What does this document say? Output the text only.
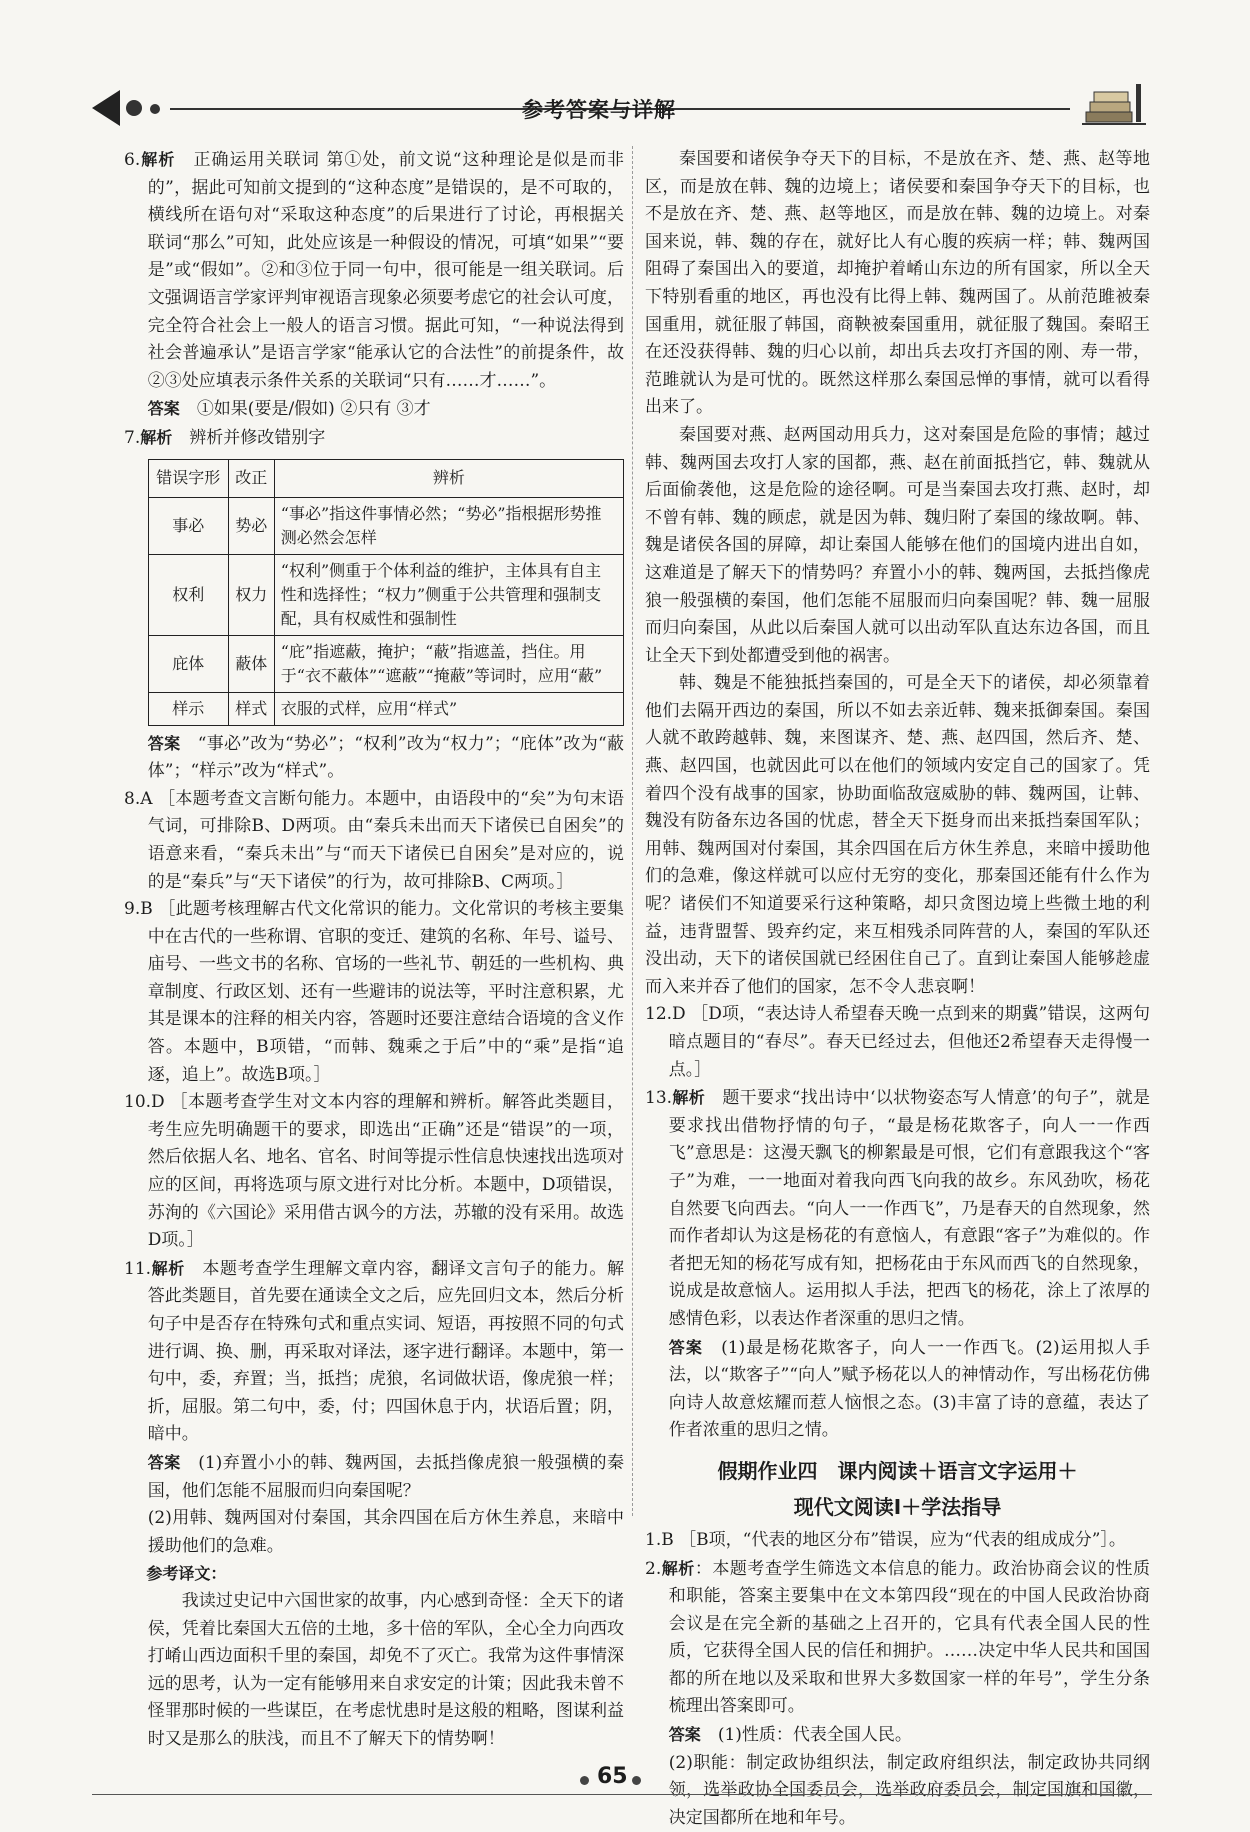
参考答案与详解

6.解析　 正确运用关联词 第①处，前文说“这种理论是似是而非的”，据此可知前文提到的“这种态度”是错误的，是不可取的，横线所在语句对“采取这种态度”的后果进行了讨论，再根据关联词“那么”可知，此处应该是一种假设的情况，可填“如果”“要是”或“假如”。②和③位于同一句中，很可能是一组关联词。后文强调语言学家评判审视语言现象必须要考虑它的社会认可度，完全符合社会上一般人的语言习惯。据此可知，“一种说法得到社会普遍承认”是语言学家“能承认它的合法性”的前提条件，故②③处应填表示条件关系的关联词“只有……才……”。

答案　 ①如果(要是/假如) ②只有 ③才

7.解析　 辨析并修改错别字

错误字形	改正	辨析
事必	势必	“事必”指这件事情必然；“势必”指根据形势推测必然会怎样
权利	权力	“权利”侧重于个体利益的维护，主体具有自主性和选择性；“权力”侧重于公共管理和强制支配，具有权威性和强制性
庇体	蔽体	“庇”指遮蔽，掩护；“蔽”指遮盖，挡住。用于“衣不蔽体”“遮蔽”“掩蔽”等词时，应用“蔽”
样示	样式	衣服的式样，应用“样式”

答案　 “事必”改为“势必”；“权利”改为“权力”；“庇体”改为“蔽体”；“样示”改为“样式”。

8.A ［本题考查文言断句能力。本题中，由语段中的“矣”为句末语气词，可排除B、D两项。由“秦兵未出而天下诸侯已自困矣”的语意来看，“秦兵未出”与“而天下诸侯已自困矣”是对应的，说的是“秦兵”与“天下诸侯”的行为，故可排除B、C两项。］

9.B ［此题考核理解古代文化常识的能力。文化常识的考核主要集中在古代的一些称谓、官职的变迁、建筑的名称、年号、谥号、庙号、一些文书的名称、官场的一些礼节、朝廷的一些机构、典章制度、行政区划、还有一些避讳的说法等，平时注意积累，尤其是课本的注释的相关内容，答题时还要注意结合语境的含义作答。本题中，B项错，“而韩、魏乘之于后”中的“乘”是指“追逐，追上”。故选B项。］

10.D ［本题考查学生对文本内容的理解和辨析。解答此类题目，考生应先明确题干的要求，即选出“正确”还是“错误”的一项，然后依据人名、地名、官名、时间等提示性信息快速找出选项对应的区间，再将选项与原文进行对比分析。本题中，D项错误，苏洵的《六国论》采用借古讽今的方法，苏辙的没有采用。故选D项。］

11.解析　 本题考查学生理解文章内容，翻译文言句子的能力。解答此类题目，首先要在通读全文之后，应先回归文本，然后分析句子中是否存在特殊句式和重点实词、短语，再按照不同的句式进行调、换、删，再采取对译法，逐字进行翻译。本题中，第一句中，委，弃置；当，抵挡；虎狼，名词做状语，像虎狼一样；折，屈服。第二句中，委，付；四国休息于内，状语后置；阴，暗中。

答案　 (1)弃置小小的韩、魏两国，去抵挡像虎狼一般强横的秦国，他们怎能不屈服而归向秦国呢？

(2)用韩、魏两国对付秦国，其余四国在后方休生养息，来暗中援助他们的急难。

参考译文：

我读过史记中六国世家的故事，内心感到奇怪：全天下的诸侯，凭着比秦国大五倍的土地，多十倍的军队，全心全力向西攻打崤山西边面积千里的秦国，却免不了灭亡。我常为这件事情深远的思考，认为一定有能够用来自求安定的计策；因此我未曾不怪罪那时候的一些谋臣，在考虑忧患时是这般的粗略，图谋利益时又是那么的肤浅，而且不了解天下的情势啊！

秦国要和诸侯争夺天下的目标，不是放在齐、楚、燕、赵等地区，而是放在韩、魏的边境上；诸侯要和秦国争夺天下的目标，也不是放在齐、楚、燕、赵等地区，而是放在韩、魏的边境上。对秦国来说，韩、魏的存在，就好比人有心腹的疾病一样；韩、魏两国阻碍了秦国出入的要道，却掩护着崤山东边的所有国家，所以全天下特别看重的地区，再也没有比得上韩、魏两国了。从前范雎被秦国重用，就征服了韩国，商鞅被秦国重用，就征服了魏国。秦昭王在还没获得韩、魏的归心以前，却出兵去攻打齐国的刚、寿一带，范雎就认为是可忧的。既然这样那么秦国忌惮的事情，就可以看得出来了。

秦国要对燕、赵两国动用兵力，这对秦国是危险的事情；越过韩、魏两国去攻打人家的国都，燕、赵在前面抵挡它，韩、魏就从后面偷袭他，这是危险的途径啊。可是当秦国去攻打燕、赵时，却不曾有韩、魏的顾虑，就是因为韩、魏归附了秦国的缘故啊。韩、魏是诸侯各国的屏障，却让秦国人能够在他们的国境内进出自如，这难道是了解天下的情势吗？弃置小小的韩、魏两国，去抵挡像虎狼一般强横的秦国，他们怎能不屈服而归向秦国呢？韩、魏一屈服而归向秦国，从此以后秦国人就可以出动军队直达东边各国，而且让全天下到处都遭受到他的祸害。

韩、魏是不能独抵挡秦国的，可是全天下的诸侯，却必须靠着他们去隔开西边的秦国，所以不如去亲近韩、魏来抵御秦国。秦国人就不敢跨越韩、魏，来图谋齐、楚、燕、赵四国，然后齐、楚、燕、赵四国，也就因此可以在他们的领域内安定自己的国家了。凭着四个没有战事的国家，协助面临敌寇威胁的韩、魏两国，让韩、魏没有防备东边各国的忧虑，替全天下挺身而出来抵挡秦国军队；用韩、魏两国对付秦国，其余四国在后方休生养息，来暗中援助他们的急难，像这样就可以应付无穷的变化，那秦国还能有什么作为呢？诸侯们不知道要采行这种策略，却只贪图边境上些微土地的利益，违背盟誓、毁弃约定，来互相残杀同阵营的人，秦国的军队还没出动，天下的诸侯国就已经困住自己了。直到让秦国人能够趁虚而入来并吞了他们的国家，怎不令人悲哀啊！

12.D ［D项，“表达诗人希望春天晚一点到来的期冀”错误，这两句暗点题目的“春尽”。春天已经过去，但他还2希望春天走得慢一点。］

13.解析　 题干要求“找出诗中‘以状物姿态写人情意’的句子”，就是要求找出借物抒情的句子，“最是杨花欺客子，向人一一作西飞”意思是：这漫天飘飞的柳絮最是可恨，它们有意跟我这个“客子”为难，一一地面对着我向西飞向我的故乡。东风劲吹，杨花自然要飞向西去。“向人一一作西飞”，乃是春天的自然现象，然而作者却认为这是杨花的有意恼人，有意跟“客子”为难似的。作者把无知的杨花写成有知，把杨花由于东风而西飞的自然现象，说成是故意恼人。运用拟人手法，把西飞的杨花，涂上了浓厚的感情色彩，以表达作者深重的思归之情。

答案　 (1)最是杨花欺客子，向人一一作西飞。(2)运用拟人手法，以“欺客子”“向人”赋予杨花以人的神情动作，写出杨花仿佛向诗人故意炫耀而惹人恼恨之态。(3)丰富了诗的意蕴，表达了作者浓重的思归之情。

假期作业四　课内阅读＋语言文字运用＋
现代文阅读Ⅰ＋学法指导

1.B ［B项，“代表的地区分布”错误，应为“代表的组成成分”］。

2.解析：本题考查学生筛选文本信息的能力。政治协商会议的性质和职能，答案主要集中在文本第四段“现在的中国人民政治协商会议是在完全新的基础之上召开的，它具有代表全国人民的性质，它获得全国人民的信任和拥护。……决定中华人民共和国国都的所在地以及采取和世界大多数国家一样的年号”，学生分条梳理出答案即可。

答案　 (1)性质：代表全国人民。

(2)职能：制定政协组织法，制定政府组织法，制定政协共同纲领，选举政协全国委员会，选举政府委员会，制定国旗和国徽，决定国都所在地和年号。

65
